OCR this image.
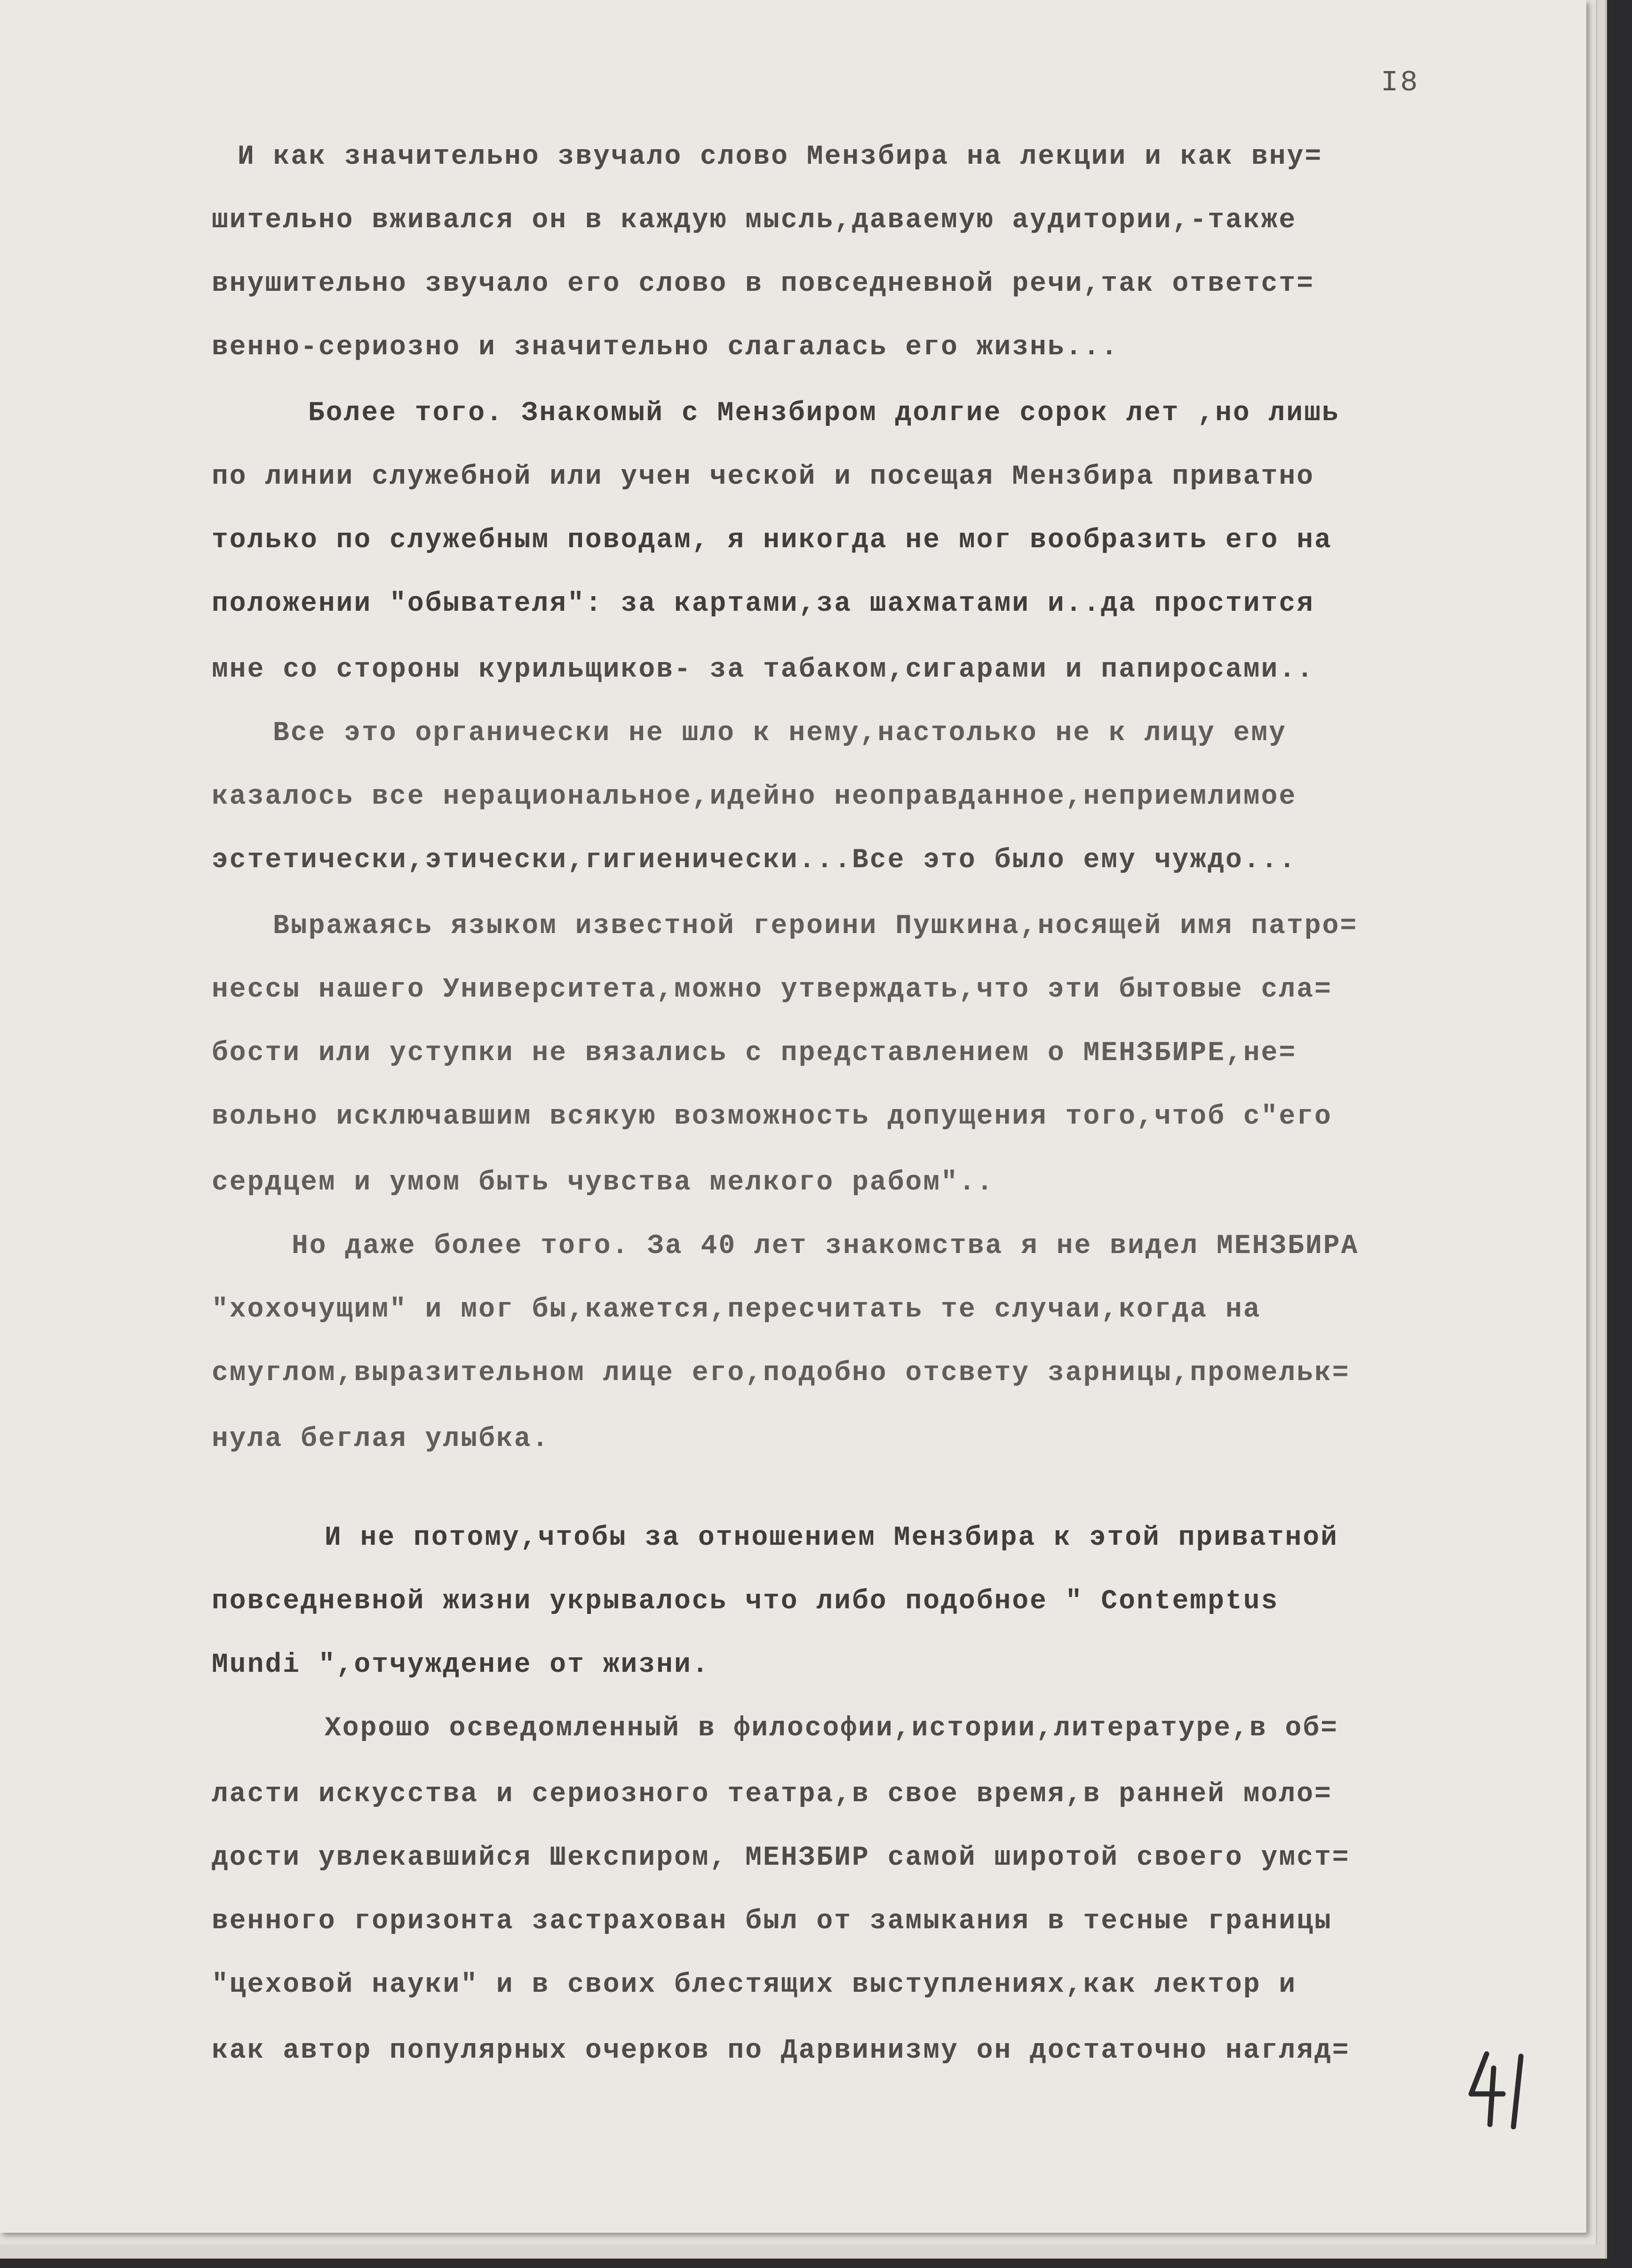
I8
И как значительно звучало слово Мензбира на лекции и как вну=
шительно вживался он в каждую мысль,даваемую аудитории,-также
внушительно звучало его слово в повседневной речи,так ответст=
венно-сериозно и значительно слагалась его жизнь...
Более того. Знакомый с Мензбиром долгие сорок лет ,но лишь
по линии служебной или учен ческой и посещая Мензбира приватно
только по служебным поводам, я никогда не мог вообразить его на
положении "обывателя": за картами,за шахматами и..да простится
мне со стороны курильщиков- за табаком,сигарами и папиросами..
Все это органически не шло к нему,настолько не к лицу ему
казалось все нерациональное,идейно неоправданное,неприемлимое
эстетически,этически,гигиенически...Все это было ему чуждо...
Выражаясь языком известной героини Пушкина,носящей имя патро=
нессы нашего Университета,можно утверждать,что эти бытовые сла=
бости или уступки не вязались с представлением о МЕНЗБИРЕ,не=
вольно исключавшим всякую возможность допущения того,чтоб с"его
сердцем и умом быть чувства мелкого рабом"..
Но даже более того. За 40 лет знакомства я не видел МЕНЗБИРА
"хохочущим" и мог бы,кажется,пересчитать те случаи,когда на
смуглом,выразительном лице его,подобно отсвету зарницы,промельк=
нула беглая улыбка.
И не потому,чтобы за отношением Мензбира к этой приватной
повседневной жизни укрывалось что либо подобное " Contemptus
Mundi ",отчуждение от жизни.
Хорошо осведомленный в философии,истории,литературе,в об=
ласти искусства и сериозного театра,в свое время,в ранней моло=
дости увлекавшийся Шекспиром, МЕНЗБИР самой широтой своего умст=
венного горизонта застрахован был от замыкания в тесные границы
"цеховой науки" и в своих блестящих выступлениях,как лектор и
как автор популярных очерков по Дарвинизму он достаточно нагляд=
